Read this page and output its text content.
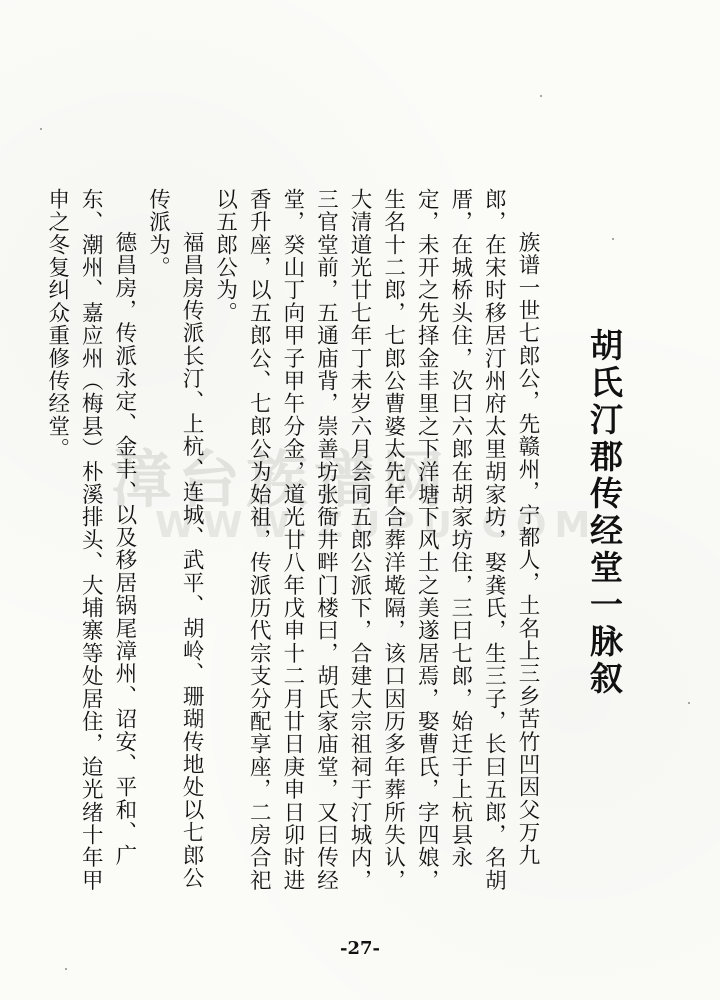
漳台族谱网
WWW.ZUPU.COM
胡氏汀郡传经堂一脉叙

族谱一世七郎公，先赣州，宁都人，土名上三乡苦竹凹因父万九郎，在宋时移居汀州府太里胡家坊，娶龚氏，生三子，长曰五郎，名胡厝，在城桥头住，次曰六郎在胡家坊住，三曰七郎，始迁于上杭县永定，未开之先择金丰里之下洋塘下风土之美遂居焉，娶曹氏，字四娘，生名十二郎，七郎公曹婆太先年合葬洋墘隔，该口因历多年葬所失认，大清道光廿七年丁未岁六月会同五郎公派下，合建大宗祖祠于汀城内，三官堂前，五通庙背，崇善坊张衙井畔门楼曰，胡氏家庙堂，又曰传经堂，癸山丁向甲子甲午分金，道光廿八年戊申十二月廿日庚申日卯时进香升座，以五郎公、七郎公为始祖，传派历代宗支分配享座，二房合祀以五郎公为。

福昌房传派长汀、上杭、连城、武平、胡岭、珊瑚传地处以七郎公传派为。

德昌房，传派永定、金丰、以及移居锅尾漳州、诏安、平和、广东、潮州、嘉应州（梅县）朴溪排头、大埔寨等处居住，迨光绪十年甲申之冬复纠众重修传经堂。

-27-
